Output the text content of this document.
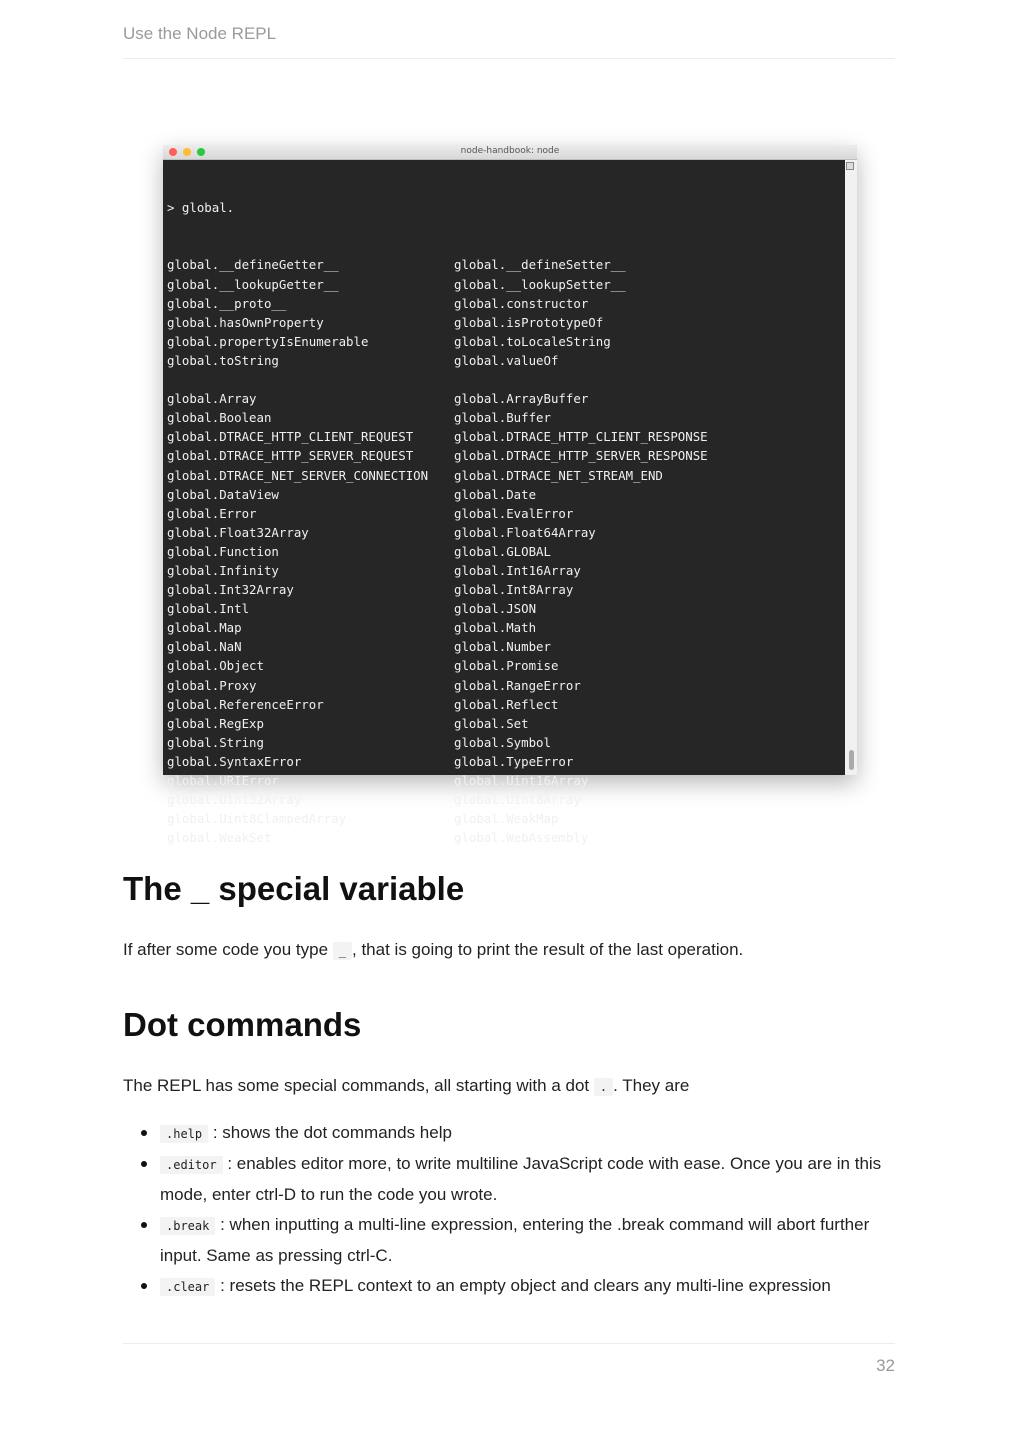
Use the Node REPL
node-handbook: node

> global.

global.__defineGetter__	global.__defineSetter__
global.__lookupGetter__	global.__lookupSetter__
global.__proto__	global.constructor
global.hasOwnProperty	global.isPrototypeOf
global.propertyIsEnumerable	global.toLocaleString
global.toString	global.valueOf
global.Array	global.ArrayBuffer
global.Boolean	global.Buffer
global.DTRACE_HTTP_CLIENT_REQUEST	global.DTRACE_HTTP_CLIENT_RESPONSE
global.DTRACE_HTTP_SERVER_REQUEST	global.DTRACE_HTTP_SERVER_RESPONSE
global.DTRACE_NET_SERVER_CONNECTION global.DTRACE_NET_STREAM_END
global.DataView	global.Date
global.Error	global.EvalError
global.Float32Array	global.Float64Array
global.Function	global.GLOBAL
global.Infinity	global.Int16Array
global.Int32Array	global.Int8Array
global.Intl	global.JSON
global.Map	global.Math
global.NaN	global.Number
global.Object	global.Promise
global.Proxy	global.RangeError
global.ReferenceError	global.Reflect
global.RegExp	global.Set
global.String	global.Symbol
global.SyntaxError	global.TypeError
global.URIError	global.Uint16Array
global.Uint32Array	global.Uint8Array
global.Uint8ClampedArray	global.WeakMap
global.WeakSet	global.WebAssembly
The _ special variable

If after some code you type _ , that is going to print the result of the last operation.

Dot commands

The REPL has some special commands, all starting with a dot . . They are

.help : shows the dot commands help
.editor : enables editor more, to write multiline JavaScript code with ease. Once you are in this mode, enter ctrl-D to run the code you wrote.
.break : when inputting a multi-line expression, entering the .break command will abort further input. Same as pressing ctrl-C.
.clear : resets the REPL context to an empty object and clears any multi-line expression
32
